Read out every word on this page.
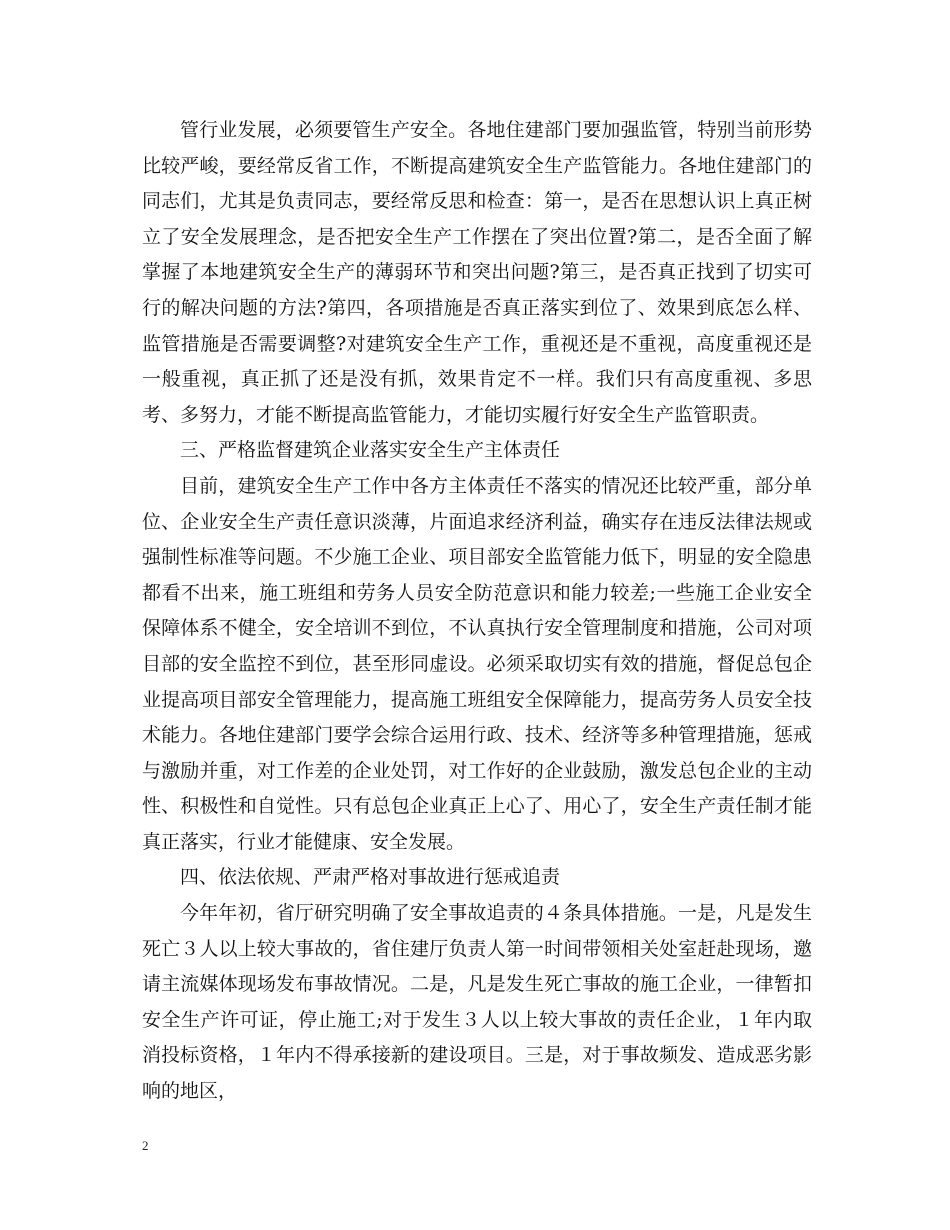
管行业发展，必须要管生产安全。各地住建部门要加强监管，特别当前形势比较严峻，要经常反省工作，不断提高建筑安全生产监管能力。各地住建部门的同志们，尤其是负责同志，要经常反思和检查：第一，是否在思想认识上真正树立了安全发展理念，是否把安全生产工作摆在了突出位置?第二，是否全面了解掌握了本地建筑安全生产的薄弱环节和突出问题?第三，是否真正找到了切实可行的解决问题的方法?第四，各项措施是否真正落实到位了、效果到底怎么样、监管措施是否需要调整?对建筑安全生产工作，重视还是不重视，高度重视还是一般重视，真正抓了还是没有抓，效果肯定不一样。我们只有高度重视、多思考、多努力，才能不断提高监管能力，才能切实履行好安全生产监管职责。

三、严格监督建筑企业落实安全生产主体责任

目前，建筑安全生产工作中各方主体责任不落实的情况还比较严重，部分单位、企业安全生产责任意识淡薄，片面追求经济利益，确实存在违反法律法规或强制性标准等问题。不少施工企业、项目部安全监管能力低下，明显的安全隐患都看不出来，施工班组和劳务人员安全防范意识和能力较差;一些施工企业安全保障体系不健全，安全培训不到位，不认真执行安全管理制度和措施，公司对项目部的安全监控不到位，甚至形同虚设。必须采取切实有效的措施，督促总包企业提高项目部安全管理能力，提高施工班组安全保障能力，提高劳务人员安全技术能力。各地住建部门要学会综合运用行政、技术、经济等多种管理措施，惩戒与激励并重，对工作差的企业处罚，对工作好的企业鼓励，激发总包企业的主动性、积极性和自觉性。只有总包企业真正上心了、用心了，安全生产责任制才能真正落实，行业才能健康、安全发展。

四、依法依规、严肃严格对事故进行惩戒追责

今年年初，省厅研究明确了安全事故追责的４条具体措施。一是，凡是发生死亡３人以上较大事故的，省住建厅负责人第一时间带领相关处室赶赴现场，邀请主流媒体现场发布事故情况。二是，凡是发生死亡事故的施工企业，一律暂扣安全生产许可证，停止施工;对于发生３人以上较大事故的责任企业，１年内取消投标资格，１年内不得承接新的建设项目。三是，对于事故频发、造成恶劣影响的地区，

2
